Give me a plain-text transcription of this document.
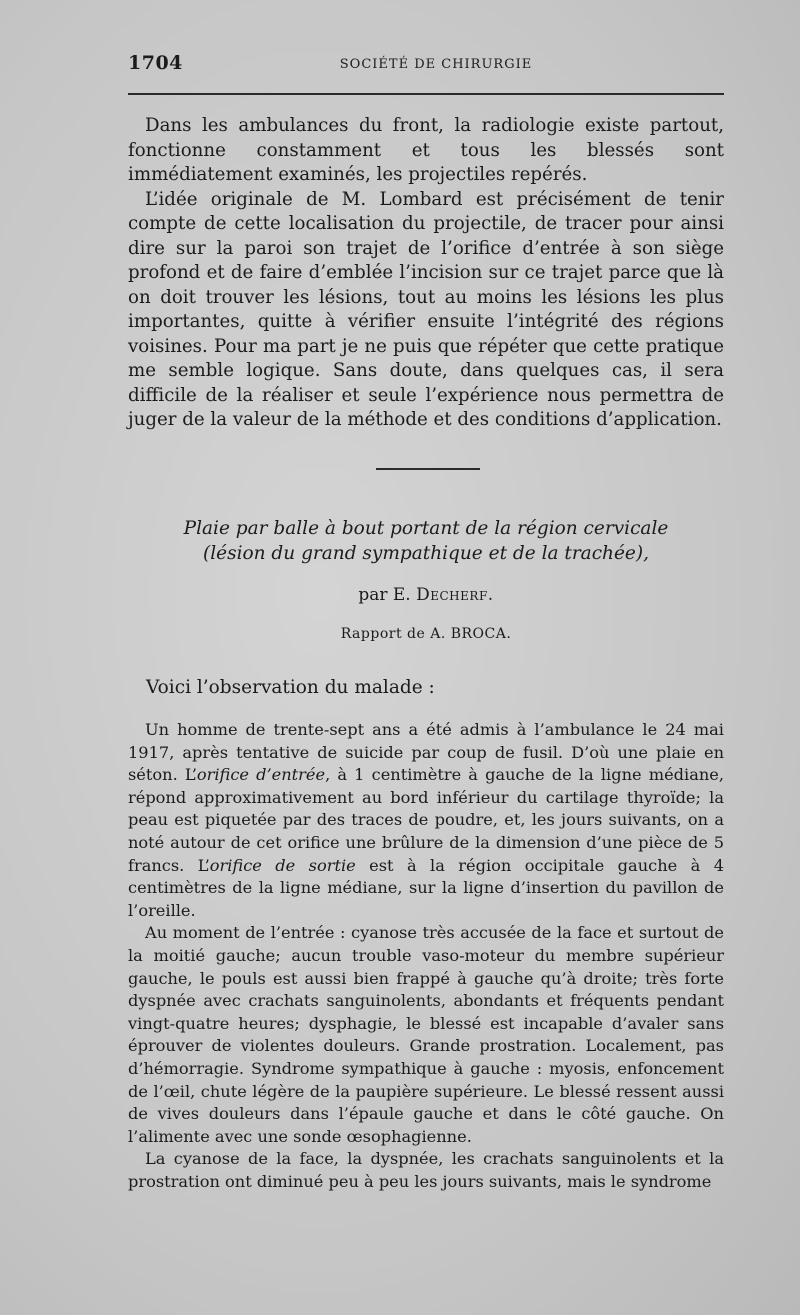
1704	SOCIÉTÉ DE CHIRURGIE

Dans les ambulances du front, la radiologie existe partout, fonctionne constamment et tous les blessés sont immédiatement examinés, les projectiles repérés.

L’idée originale de M. Lombard est précisément de tenir compte de cette localisation du projectile, de tracer pour ainsi dire sur la paroi son trajet de l’orifice d’entrée à son siège profond et de faire d’emblée l’incision sur ce trajet parce que là on doit trouver les lésions, tout au moins les lésions les plus importantes, quitte à vérifier ensuite l’intégrité des régions voisines. Pour ma part je ne puis que répéter que cette pratique me semble logique. Sans doute, dans quelques cas, il sera difficile de la réaliser et seule l’expérience nous permettra de juger de la valeur de la méthode et des conditions d’application.

Plaie par balle à bout portant de la région cervicale
(lésion du grand sympathique et de la trachée),
par E. Decherf.
Rapport de A. BROCA.
Voici l’observation du malade :

Un homme de trente-sept ans a été admis à l’ambulance le 24 mai 1917, après tentative de suicide par coup de fusil. D’où une plaie en séton. L’orifice d’entrée, à 1 centimètre à gauche de la ligne médiane, répond approximativement au bord inférieur du cartilage thyroïde; la peau est piquetée par des traces de poudre, et, les jours suivants, on a noté autour de cet orifice une brûlure de la dimension d’une pièce de 5 francs. L’orifice de sortie est à la région occipitale gauche à 4 centimètres de la ligne médiane, sur la ligne d’insertion du pavillon de l’oreille.

Au moment de l’entrée : cyanose très accusée de la face et surtout de la moitié gauche; aucun trouble vaso-moteur du membre supérieur gauche, le pouls est aussi bien frappé à gauche qu’à droite; très forte dyspnée avec crachats sanguinolents, abondants et fréquents pendant vingt-quatre heures; dysphagie, le blessé est incapable d’avaler sans éprouver de violentes douleurs. Grande prostration. Localement, pas d’hémorragie. Syndrome sympathique à gauche : myosis, enfoncement de l’œil, chute légère de la paupière supérieure. Le blessé ressent aussi de vives douleurs dans l’épaule gauche et dans le côté gauche. On l’alimente avec une sonde œsophagienne.

La cyanose de la face, la dyspnée, les crachats sanguinolents et la prostration ont diminué peu à peu les jours suivants, mais le syndrome
